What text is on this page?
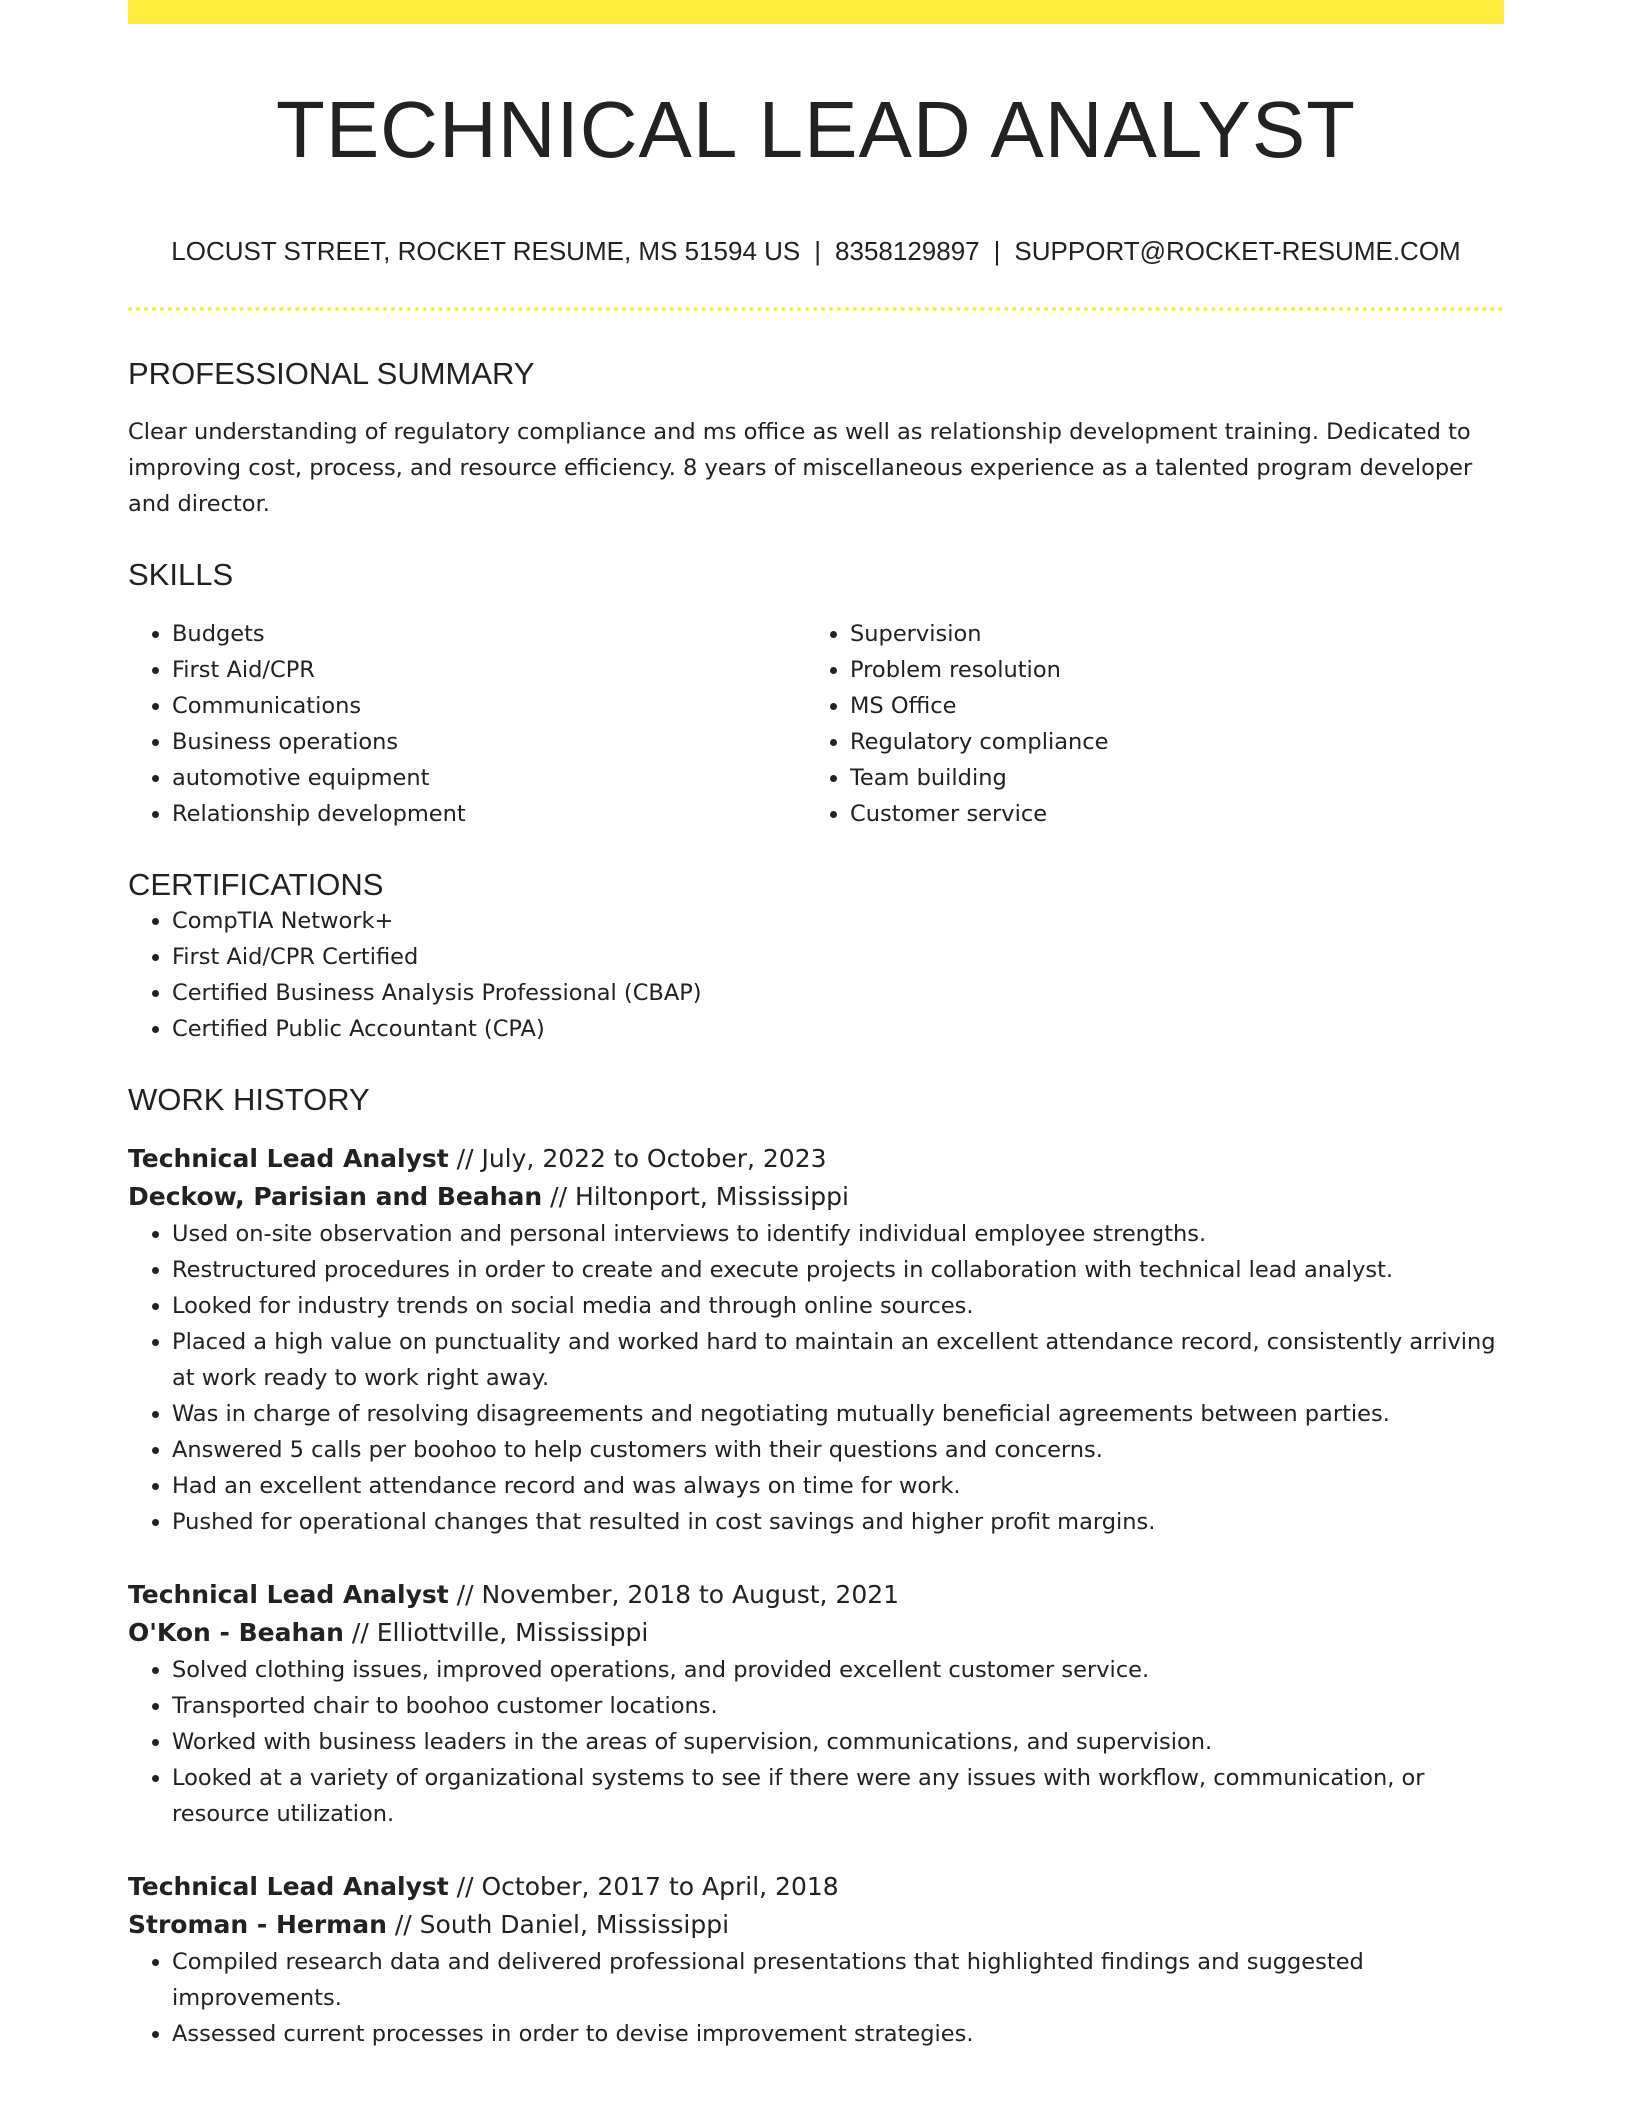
TECHNICAL LEAD ANALYST
LOCUST STREET, ROCKET RESUME, MS 51594 US | 8358129897 | SUPPORT@ROCKET-RESUME.COM
PROFESSIONAL SUMMARY

Clear understanding of regulatory compliance and ms office as well as relationship development training. Dedicated to improving cost, process, and resource efficiency. 8 years of miscellaneous experience as a talented program developer and director.

SKILLS
• Budgets
• First Aid/CPR
• Communications
• Business operations
• automotive equipment
• Relationship development
• Supervision
• Problem resolution
• MS Office
• Regulatory compliance
• Team building
• Customer service
CERTIFICATIONS
• CompTIA Network+
• First Aid/CPR Certified
• Certified Business Analysis Professional (CBAP)
• Certified Public Accountant (CPA)
WORK HISTORY
Technical Lead Analyst // July, 2022 to October, 2023
Deckow, Parisian and Beahan // Hiltonport, Mississippi
• Used on-site observation and personal interviews to identify individual employee strengths.
• Restructured procedures in order to create and execute projects in collaboration with technical lead analyst.
• Looked for industry trends on social media and through online sources.
• Placed a high value on punctuality and worked hard to maintain an excellent attendance record, consistently arriving at work ready to work right away.
• Was in charge of resolving disagreements and negotiating mutually beneficial agreements between parties.
• Answered 5 calls per boohoo to help customers with their questions and concerns.
• Had an excellent attendance record and was always on time for work.
• Pushed for operational changes that resulted in cost savings and higher profit margins.
Technical Lead Analyst // November, 2018 to August, 2021
O'Kon - Beahan // Elliottville, Mississippi
• Solved clothing issues, improved operations, and provided excellent customer service.
• Transported chair to boohoo customer locations.
• Worked with business leaders in the areas of supervision, communications, and supervision.
• Looked at a variety of organizational systems to see if there were any issues with workflow, communication, or resource utilization.
Technical Lead Analyst // October, 2017 to April, 2018
Stroman - Herman // South Daniel, Mississippi
• Compiled research data and delivered professional presentations that highlighted findings and suggested improvements.
• Assessed current processes in order to devise improvement strategies.
